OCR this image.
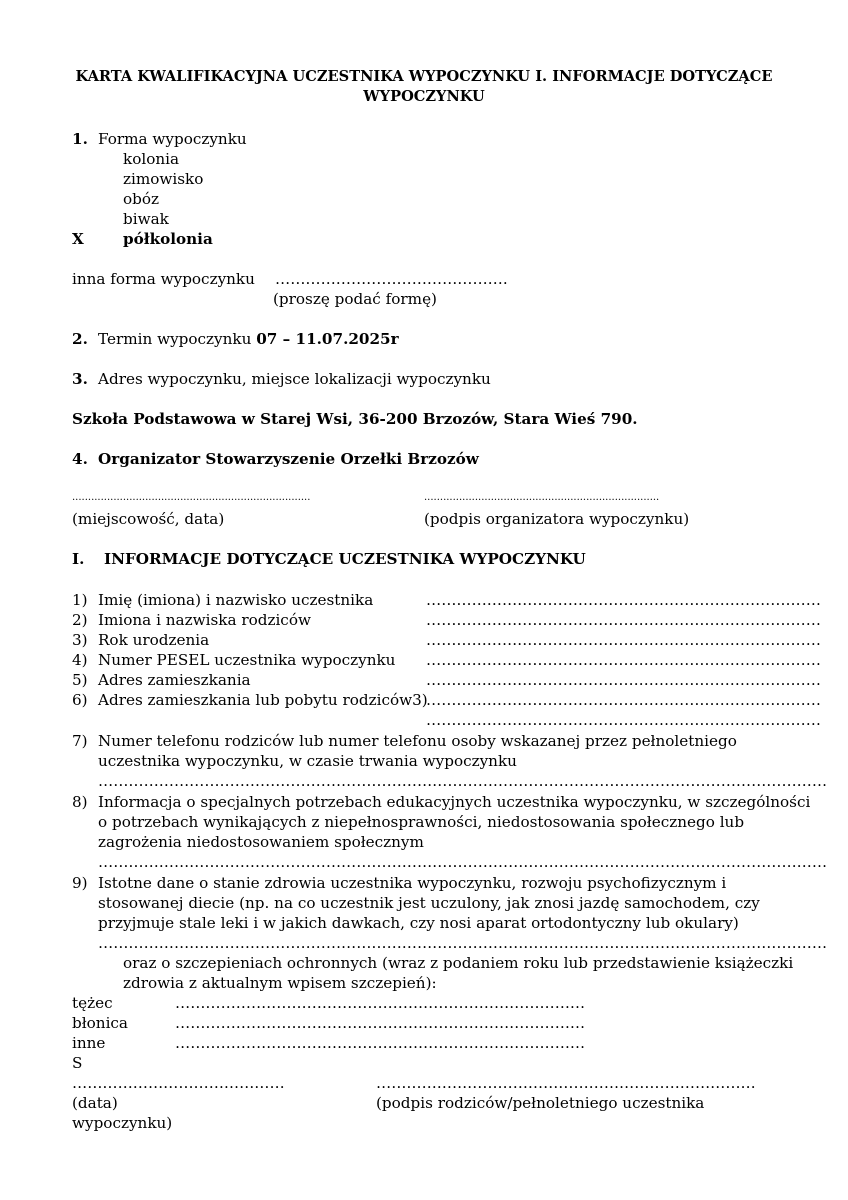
KARTA KWALIFIKACYJNA UCZESTNIKA WYPOCZYNKU I. INFORMACJE DOTYCZĄCE WYPOCZYNKU
1. Forma wypoczynku
kolonia
zimowisko
obóz
biwak
X	półkolonia
inna forma wypoczynku ……………………………………….
(proszę podać formę)
2. Termin wypoczynku 07 – 11.07.2025r
3. Adres wypoczynku, miejsce lokalizacji wypoczynku
Szkoła Podstawowa w Starej Wsi, 36-200 Brzozów, Stara Wieś 790.
4. Organizator Stowarzyszenie Orzełki Brzozów
...........................................................................	..........................................................................
(miejscowość, data)	(podpis organizatora wypoczynku)
I. INFORMACJE DOTYCZĄCE UCZESTNIKA WYPOCZYNKU
1) Imię (imiona) i nazwisko uczestnika	……………………………………………………………………
2) Imiona i nazwiska rodziców	……………………………………………………………………
3) Rok urodzenia	……………………………………………………………………
4) Numer PESEL uczestnika wypoczynku ……………………………………………………………………
5) Adres zamieszkania	……………………………………………………………………
6) Adres zamieszkania lub pobytu rodziców3)
……………………………………………………………………
……………………………………………………………………
7) Numer telefonu rodziców lub numer telefonu osoby wskazanej przez pełnoletniego
uczestnika wypoczynku, w czasie trwania wypoczynku
………………………………………………………………………………………………………………………………
8) Informacja o specjalnych potrzebach edukacyjnych uczestnika wypoczynku, w szczególności
o potrzebach wynikających z niepełnosprawności, niedostosowania społecznego lub
zagrożenia niedostosowaniem społecznym
………………………………………………………………………………………………………………………………
9) Istotne dane o stanie zdrowia uczestnika wypoczynku, rozwoju psychofizycznym i
stosowanej diecie (np. na co uczestnik jest uczulony, jak znosi jazdę samochodem, czy
przyjmuje stale leki i w jakich dawkach, czy nosi aparat ortodontyczny lub okulary)
………………………………………………………………………………………………………………………………
oraz o szczepieniach ochronnych (wraz z podaniem roku lub przedstawienie książeczki
zdrowia z aktualnym wpisem szczepień):
tężec	………………………………………………………………………
błonica	………………………………………………………………………
inne	………………………………………………………………………
S
……………………………………	…………………………………………………………………
(data)	(podpis rodziców/pełnoletniego uczestnika
wypoczynku)
